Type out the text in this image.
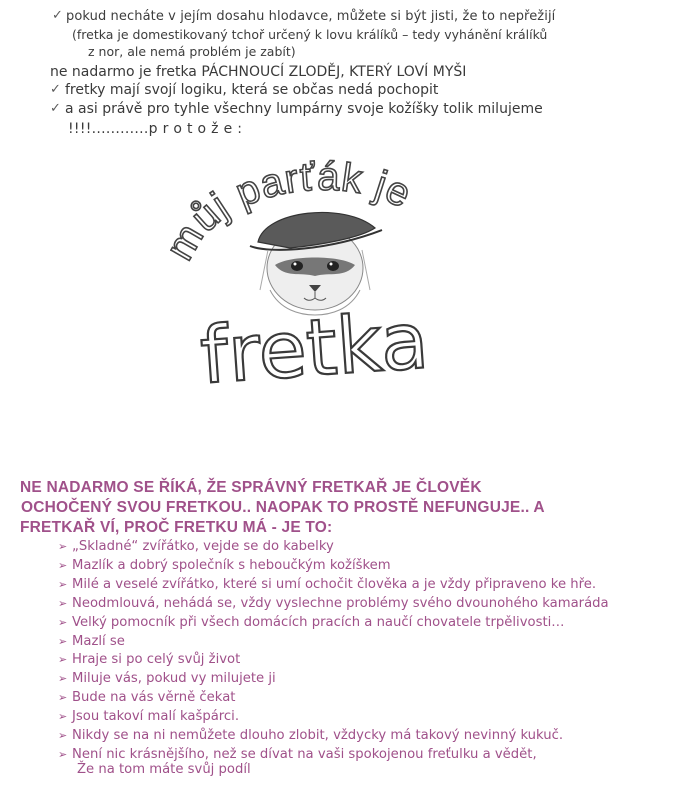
✓ pokud necháte v jejím dosahu hlodavce, můžete si být jisti, že to nepřežijí
(fretka je domestikovaný tchoř určený k lovu králíků – tedy vyhánění králíků
z nor, ale nemá problém je zabít)
ne nadarmo je fretka PÁCHNOUCÍ ZLODĚJ, KTERÝ LOVÍ MYŠI
✓ fretky mají svojí logiku, která se občas nedá pochopit
✓ a asi právě pro tyhle všechny lumpárny svoje kožíšky tolik milujeme
!!!!............p r o t o ž e :
ůj parťák je
fretka
NE NADARMO SE ŘÍKÁ, ŽE SPRÁVNÝ FRETKAŘ JE ČLOVĚK
OCHOČENÝ SVOU FRETKOU.. NAOPAK TO PROSTĚ NEFUNGUJE.. A
FRETKAŘ VÍ, PROČ FRETKU MÁ - JE TO:
➢ „Skladné“ zvířátko, vejde se do kabelky
➢ Mazlík a dobrý společník s heboučkým kožíškem
➢ Milé a veselé zvířátko, které si umí ochočit člověka a je vždy připraveno ke hře.
➢ Neodmlouvá, nehádá se, vždy vyslechne problémy svého dvounohého kamaráda
➢ Velký pomocník při všech domácích pracích a naučí chovatele trpělivosti…
➢ Mazlí se
➢ Hraje si po celý svůj život
➢ Miluje vás, pokud vy milujete ji
➢ Bude na vás věrně čekat
➢ Jsou takoví malí kašpárci.
➢ Nikdy se na ni nemůžete dlouho zlobit, vždycky má takový nevinný kukuč.
➢ Není nic krásnějšího, než se dívat na vaši spokojenou freťulku a vědět,
Že na tom máte svůj podíl
